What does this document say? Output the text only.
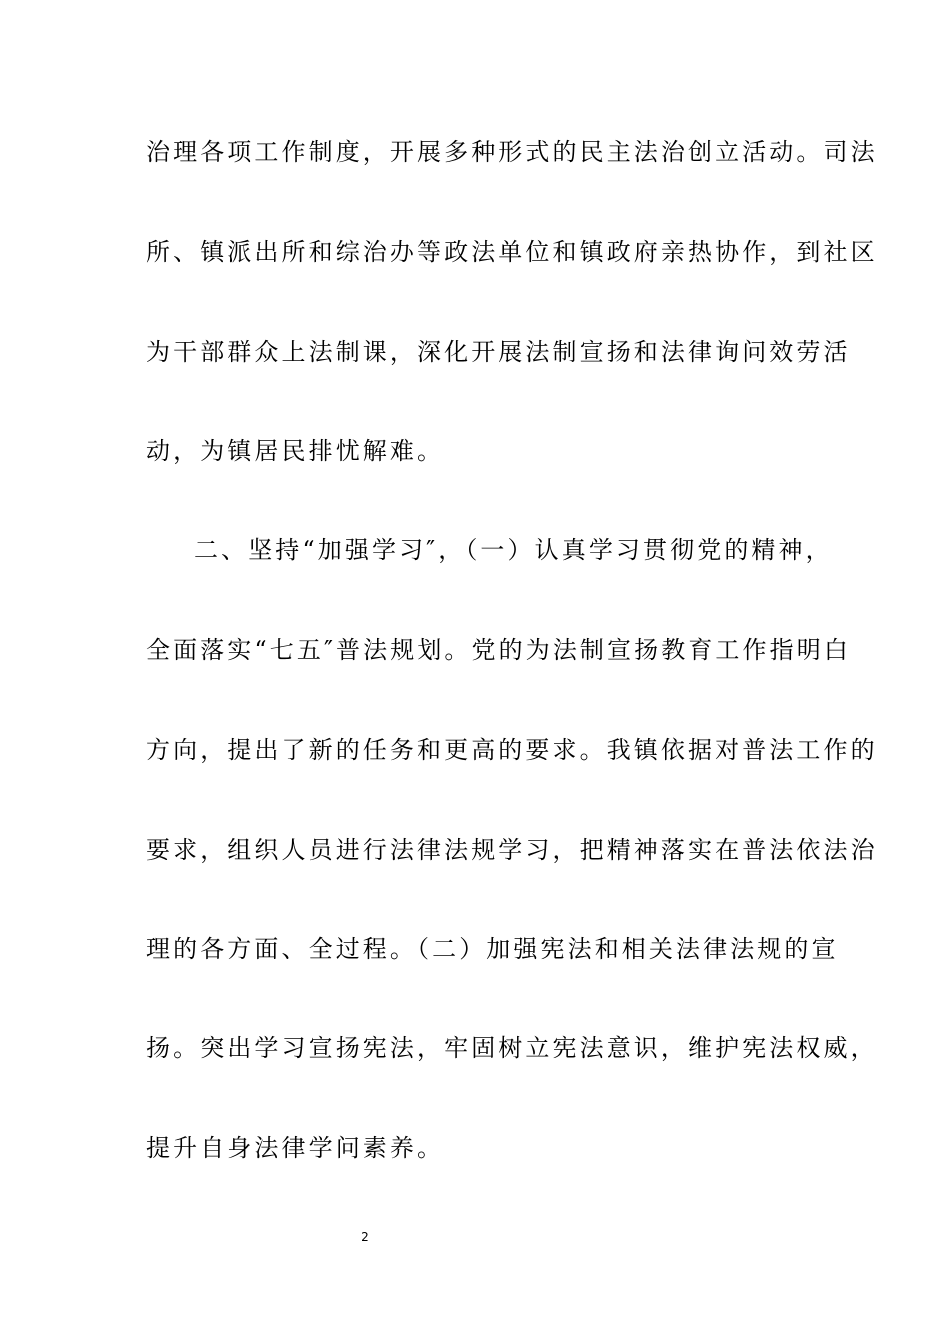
治理各项工作制度，开展多种形式的民主法治创立活动。司法
所、镇派出所和综治办等政法单位和镇政府亲热协作，到社区
为干部群众上法制课，深化开展法制宣扬和法律询问效劳活
动，为镇居民排忧解难。
二、坚持“加强学习″，（一）认真学习贯彻党的精神，
全面落实“七五″普法规划。党的为法制宣扬教育工作指明白
方向，提出了新的任务和更高的要求。我镇依据对普法工作的
要求，组织人员进行法律法规学习，把精神落实在普法依法治
理的各方面、全过程。（二）加强宪法和相关法律法规的宣
扬。突出学习宣扬宪法，牢固树立宪法意识，维护宪法权威，
提升自身法律学问素养。
2
